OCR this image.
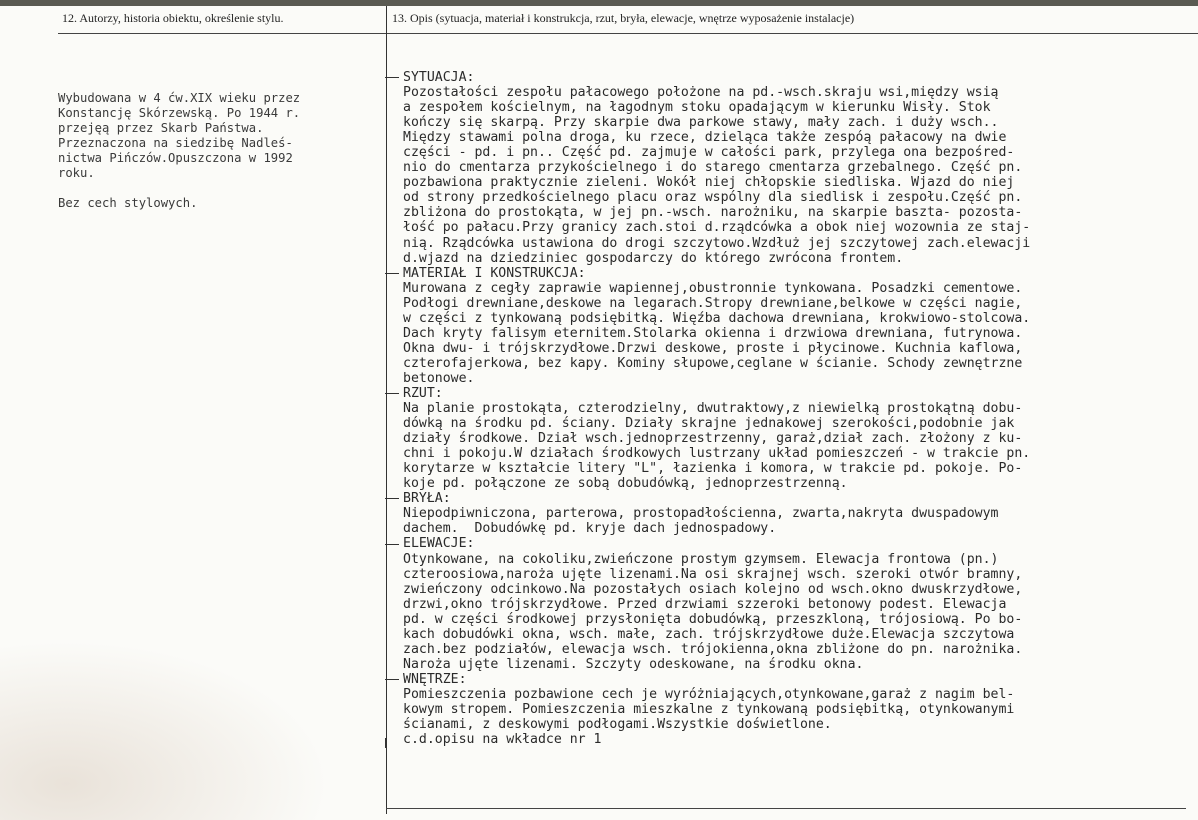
12. Autorzy, historia obiektu, określenie stylu.	13. Opis (sytuacja, materiał i konstrukcja, rzut, bryła, elewacje, wnętrze wyposażenie instalacje)
Wybudowana w 4 ćw.XIX wieku przez
Konstancję Skórzewską. Po 1944 r.
przejęą przez Skarb Państwa.
Przeznaczona na siedzibę Nadleś-
nictwa Pińczów.Opuszczona w 1992
roku.
Bez cech stylowych.
SYTUACJA:
Pozostałości zespołu pałacowego położone na pd.-wsch.skraju wsi,między wsią
a zespołem kościelnym, na łagodnym stoku opadającym w kierunku Wisły. Stok
kończy się skarpą. Przy skarpie dwa parkowe stawy, mały zach. i duży wsch..
Między stawami polna droga, ku rzece, dzieląca także zespóą pałacowy na dwie
części - pd. i pn.. Część pd. zajmuje w całości park, przylega ona bezpośred-
nio do cmentarza przykościelnego i do starego cmentarza grzebalnego. Część pn.
pozbawiona praktycznie zieleni. Wokół niej chłopskie siedliska. Wjazd do niej
od strony przedkościelnego placu oraz wspólny dla siedlisk i zespołu.Część pn.
zbliżona do prostokąta, w jej pn.-wsch. narożniku, na skarpie baszta- pozosta-
łość po pałacu.Przy granicy zach.stoi d.rządcówka a obok niej wozownia ze staj-
nią. Rządcówka ustawiona do drogi szczytowo.Wzdłuż jej szczytowej zach.elewacji
d.wjazd na dziedziniec gospodarczy do którego zwrócona frontem.
MATERIAŁ I KONSTRUKCJA:
Murowana z cegły zaprawie wapiennej,obustronnie tynkowana. Posadzki cementowe.
Podłogi drewniane,deskowe na legarach.Stropy drewniane,belkowe w części nagie,
w części z tynkowaną podsiębitką. Więźba dachowa drewniana, krokwiowo-stolcowa.
Dach kryty falisym eternitem.Stolarka okienna i drzwiowa drewniana, futrynowa.
Okna dwu- i trójskrzydłowe.Drzwi deskowe, proste i płycinowe. Kuchnia kaflowa,
czterofajerkowa, bez kapy. Kominy słupowe,ceglane w ścianie. Schody zewnętrzne
betonowe.
RZUT:
Na planie prostokąta, czterodzielny, dwutraktowy,z niewielką prostokątną dobu-
dówką na środku pd. ściany. Działy skrajne jednakowej szerokości,podobnie jak
działy środkowe. Dział wsch.jednoprzestrzenny, garaż,dział zach. złożony z ku-
chni i pokoju.W działach środkowych lustrzany układ pomieszczeń - w trakcie pn.
korytarze w kształcie litery "L", łazienka i komora, w trakcie pd. pokoje. Po-
koje pd. połączone ze sobą dobudówką, jednoprzestrzenną.
BRYŁA:
Niepodpiwniczona, parterowa, prostopadłościenna, zwarta,nakryta dwuspadowym
dachem.  Dobudówkę pd. kryje dach jednospadowy.
ELEWACJE:
Otynkowane, na cokoliku,zwieńczone prostym gzymsem. Elewacja frontowa (pn.)
czteroosiowa,naroża ujęte lizenami.Na osi skrajnej wsch. szeroki otwór bramny,
zwieńczony odcinkowo.Na pozostałych osiach kolejno od wsch.okno dwuskrzydłowe,
drzwi,okno trójskrzydłowe. Przed drzwiami szzeroki betonowy podest. Elewacja
pd. w części środkowej przysłonięta dobudówką, przeszkloną, trójosiową. Po bo-
kach dobudówki okna, wsch. małe, zach. trójskrzydłowe duże.Elewacja szczytowa
zach.bez podziałów, elewacja wsch. trójokienna,okna zbliżone do pn. narożnika.
Naroża ujęte lizenami. Szczyty odeskowane, na środku okna.
WNĘTRZE:
Pomieszczenia pozbawione cech je wyróżniających,otynkowane,garaż z nagim bel-
kowym stropem. Pomieszczenia mieszkalne z tynkowaną podsiębitką, otynkowanymi
ścianami, z deskowymi podłogami.Wszystkie doświetlone.
c.d.opisu na wkładce nr 1
